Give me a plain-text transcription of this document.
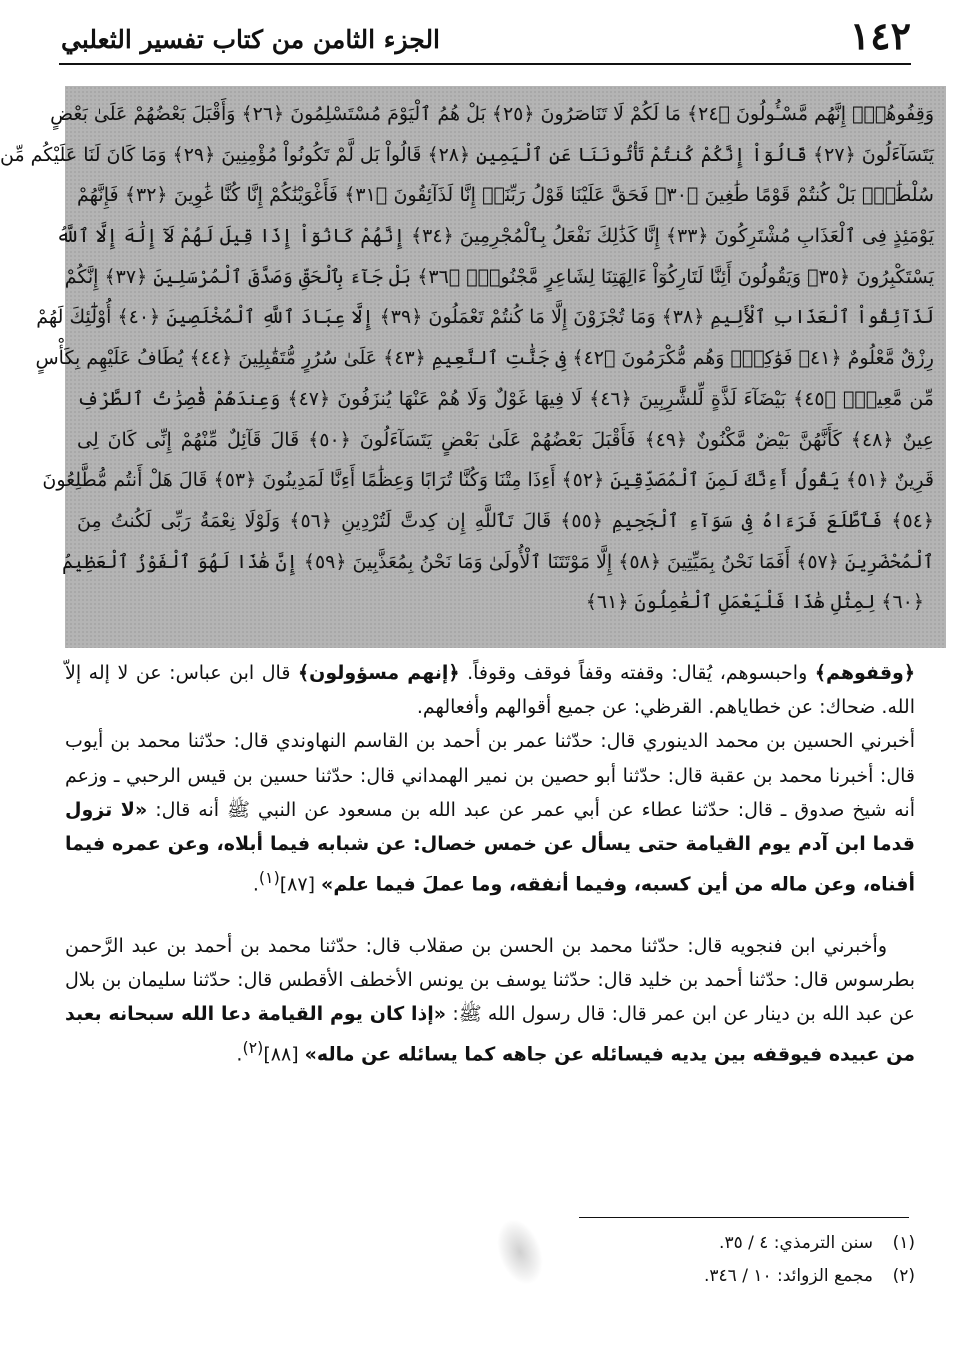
١٤٢
الجزء الثامن من كتاب تفسير الثعلبي
وَقِفُوهُمْۖ إِنَّهُم مَّسْـُٔولُونَ ﴿٢٤﴾ مَا لَكُمْ لَا تَنَاصَرُونَ ﴿٢٥﴾ بَلْ هُمُ ٱلْيَوْمَ مُسْتَسْلِمُونَ ﴿٢٦﴾ وَأَقْبَلَ بَعْضُهُمْ عَلَىٰ بَعْضٍ
يَتَسَآءَلُونَ ﴿٢٧﴾ قَالُوٓاْ إِنَّكُمْ كُنتُمْ تَأْتُونَنَا عَنِ ٱلْيَمِينِ ﴿٢٨﴾ قَالُواْ بَل لَّمْ تَكُونُواْ مُؤْمِنِينَ ﴿٢٩﴾ وَمَا كَانَ لَنَا عَلَيْكُم مِّن
سُلْطَٰنٍۭ بَلْ كُنتُمْ قَوْمًا طَٰغِينَ ﴿٣٠﴾ فَحَقَّ عَلَيْنَا قَوْلُ رَبِّنَآۖ إِنَّا لَذَآئِقُونَ ﴿٣١﴾ فَأَغْوَيْنَٰكُمْ إِنَّا كُنَّا غَٰوِينَ ﴿٣٢﴾ فَإِنَّهُمْ
يَوْمَئِذٍ فِى ٱلْعَذَابِ مُشْتَرِكُونَ ﴿٣٣﴾ إِنَّا كَذَٰلِكَ نَفْعَلُ بِٱلْمُجْرِمِينَ ﴿٣٤﴾ إِنَّهُمْ كَانُوٓاْ إِذَا قِيلَ لَهُمْ لَآ إِلَٰهَ إِلَّا ٱللَّهُ
يَسْتَكْبِرُونَ ﴿٣٥﴾ وَيَقُولُونَ أَئِنَّا لَتَارِكُوٓاْ ءَالِهَتِنَا لِشَاعِرٍ مَّجْنُونٍۭ ﴿٣٦﴾ بَلْ جَآءَ بِٱلْحَقِّ وَصَدَّقَ ٱلْمُرْسَلِينَ ﴿٣٧﴾ إِنَّكُمْ
لَذَآئِقُواْ ٱلْعَذَابِ ٱلْأَلِيمِ ﴿٣٨﴾ وَمَا تُجْزَوْنَ إِلَّا مَا كُنتُمْ تَعْمَلُونَ ﴿٣٩﴾ إِلَّا عِبَادَ ٱللَّهِ ٱلْمُخْلَصِينَ ﴿٤٠﴾ أُوْلَٰٓئِكَ لَهُمْ
رِزْقٌ مَّعْلُومٌ ﴿٤١﴾ فَوَٰكِهُۖ وَهُم مُّكْرَمُونَ ﴿٤٢﴾ فِى جَنَّٰتِ ٱلنَّعِيمِ ﴿٤٣﴾ عَلَىٰ سُرُرٍ مُّتَقَٰبِلِينَ ﴿٤٤﴾ يُطَافُ عَلَيْهِم بِكَأْسٍ
مِّن مَّعِينٍۭ ﴿٤٥﴾ بَيْضَآءَ لَذَّةٍ لِّلشَّٰرِبِينَ ﴿٤٦﴾ لَا فِيهَا غَوْلٌ وَلَا هُمْ عَنْهَا يُنزَفُونَ ﴿٤٧﴾ وَعِندَهُمْ قَٰصِرَٰتُ ٱلطَّرْفِ
عِينٌ ﴿٤٨﴾ كَأَنَّهُنَّ بَيْضٌ مَّكْنُونٌ ﴿٤٩﴾ فَأَقْبَلَ بَعْضُهُمْ عَلَىٰ بَعْضٍ يَتَسَآءَلُونَ ﴿٥٠﴾ قَالَ قَآئِلٌ مِّنْهُمْ إِنِّى كَانَ لِى
قَرِينٌ ﴿٥١﴾ يَقُولُ أَءِنَّكَ لَمِنَ ٱلْمُصَدِّقِينَ ﴿٥٢﴾ أَءِذَا مِتْنَا وَكُنَّا تُرَابًا وَعِظَٰمًا أَءِنَّا لَمَدِينُونَ ﴿٥٣﴾ قَالَ هَلْ أَنتُم مُّطَّلِعُونَ
﴿٥٤﴾ فَٱطَّلَعَ فَرَءَاهُ فِى سَوَآءِ ٱلْجَحِيمِ ﴿٥٥﴾ قَالَ تَٱللَّهِ إِن كِدتَّ لَتُرْدِينِ ﴿٥٦﴾ وَلَوْلَا نِعْمَةُ رَبِّى لَكُنتُ مِنَ
ٱلْمُحْضَرِينَ ﴿٥٧﴾ أَفَمَا نَحْنُ بِمَيِّتِينَ ﴿٥٨﴾ إِلَّا مَوْتَتَنَا ٱلْأُولَىٰ وَمَا نَحْنُ بِمُعَذَّبِينَ ﴿٥٩﴾ إِنَّ هَٰذَا لَهُوَ ٱلْفَوْزُ ٱلْعَظِيمُ
﴿٦٠﴾ لِمِثْلِ هَٰذَا فَلْيَعْمَلِ ٱلْعَٰمِلُونَ ﴿٦١﴾

﴿وقفوهم﴾ واحبسوهم، يُقال: وقفته وقفاً فوقف وقوفاً. ﴿إنهم مسؤولون﴾ قال ابن عباس: عن لا إله إلاّ الله. ضحاك: عن خطاياهم. القرظي: عن جميع أقوالهم وأفعالهم.

أخبرني الحسين بن محمد الدينوري قال: حدّثنا عمر بن أحمد بن القاسم النهاوندي قال: حدّثنا محمد بن أيوب قال: أخبرنا محمد بن عقبة قال: حدّثنا أبو حصين بن نمير الهمداني قال: حدّثنا حسين بن قيس الرحبي ـ وزعم أنه شيخ صدوق ـ قال: حدّثنا عطاء عن أبي عمر عن عبد الله بن مسعود عن النبي ﷺ أنه قال: «لا تزول قدما ابن آدم يوم القيامة حتى يسأل عن خمس خصال: عن شبابه فيما أبلاه، وعن عمره فيما أفناه، وعن ماله من أين كسبه، وفيما أنفقه، وما عملَ فيما علم» [٨٧]$^{(١)}$.

وأخبرني ابن فنجويه قال: حدّثنا محمد بن الحسن بن صقلاب قال: حدّثنا محمد بن أحمد بن عبد الرَّحمن بطرسوس قال: حدّثنا أحمد بن خليد قال: حدّثنا يوسف بن يونس الأخطف الأقطس قال: حدّثنا سليمان بن بلال عن عبد الله بن دينار عن ابن عمر قال: قال رسول الله ﷺ: «إذا كان يوم القيامة دعا الله سبحانه بعبد من عبيده فيوقفه بين يديه فيسائله عن جاهه كما يسائله عن ماله» [٨٨]$^{(٢)}$.

(١)سنن الترمذي: ٤ / ٣٥.
(٢)مجمع الزوائد: ١٠ / ٣٤٦.
